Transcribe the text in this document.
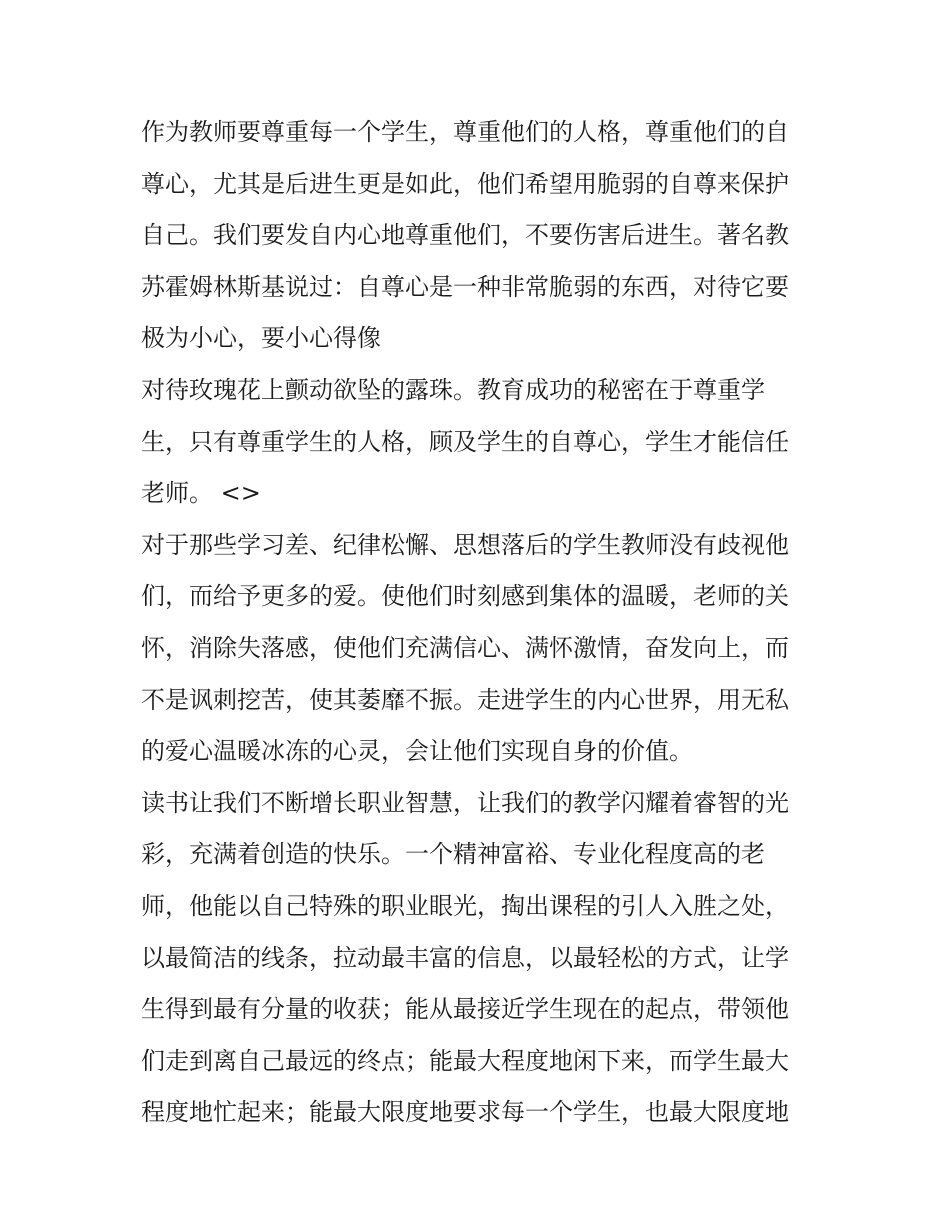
作为教师要尊重每一个学生，尊重他们的人格，尊重他们的自
尊心，尤其是后进生更是如此，他们希望用脆弱的自尊来保护
自己。我们要发自内心地尊重他们，不要伤害后进生。著名教
苏霍姆林斯基说过：自尊心是一种非常脆弱的东西，对待它要
极为小心，要小心得像
对待玫瑰花上颤动欲坠的露珠。教育成功的秘密在于尊重学
生，只有尊重学生的人格，顾及学生的自尊心，学生才能信任
老师。 <>
对于那些学习差、纪律松懈、思想落后的学生教师没有歧视他
们，而给予更多的爱。使他们时刻感到集体的温暖，老师的关
怀，消除失落感，使他们充满信心、满怀激情，奋发向上，而
不是讽刺挖苦，使其萎靡不振。走进学生的内心世界，用无私
的爱心温暖冰冻的心灵，会让他们实现自身的价值。
读书让我们不断增长职业智慧，让我们的教学闪耀着睿智的光
彩，充满着创造的快乐。一个精神富裕、专业化程度高的老
师，他能以自己特殊的职业眼光，掏出课程的引人入胜之处，
以最简洁的线条，拉动最丰富的信息，以最轻松的方式，让学
生得到最有分量的收获；能从最接近学生现在的起点，带领他
们走到离自己最远的终点；能最大程度地闲下来，而学生最大
程度地忙起来；能最大限度地要求每一个学生，也最大限度地
